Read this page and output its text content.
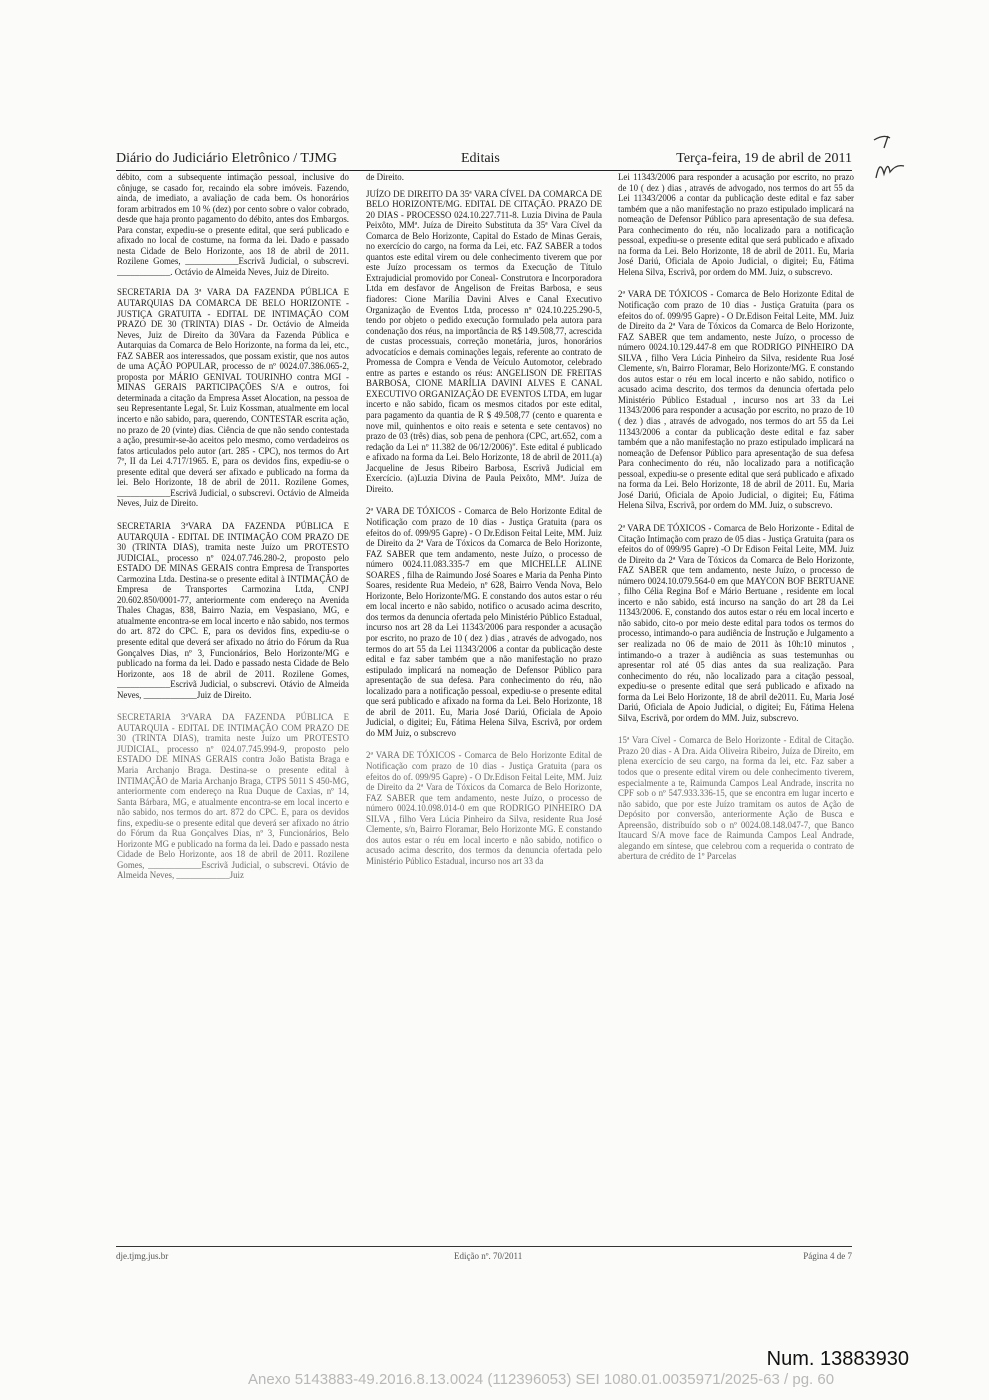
Diário do Judiciário Eletrônico / TJMG	Editais	Terça-feira, 19 de abril de 2011

débito, com a subsequente intimação pessoal, inclusive do cônjuge, se casado for, recaindo ela sobre imóveis. Fazendo, ainda, de imediato, a avaliação de cada bem. Os honorários foram arbitrados em 10 % (dez) por cento sobre o valor cobrado, desde que haja pronto pagamento do débito, antes dos Embargos. Para constar, expediu-se o presente edital, que será publicado e afixado no local de costume, na forma da lei. Dado e passado nesta Cidade de Belo Horizonte, aos 18 de abril de 2011. Rozilene Gomes, ____________Escrivã Judicial, o subscrevi. ____________. Octávio de Almeida Neves, Juiz de Direito.

SECRETARIA DA 3ª VARA DA FAZENDA PÚBLICA E AUTARQUIAS DA COMARCA DE BELO HORIZONTE - JUSTIÇA GRATUITA - EDITAL DE INTIMAÇÃO COM PRAZO DE 30 (TRINTA) DIAS - Dr. Octávio de Almeida Neves, Juiz de Direito da 30Vara da Fazenda Pública e Autarquias da Comarca de Belo Horizonte, na forma da lei, etc., FAZ SABER aos interessados, que possam existir, que nos autos de uma AÇÃO POPULAR, processo de nº 0024.07.386.065-2, proposta por MÁRIO GENIVAL TOURINHO contra MGI - MINAS GERAIS PARTICIPAÇÕES S/A e outros, foi determinada a citação da Empresa Asset Alocation, na pessoa de seu Representante Legal, Sr. Luiz Kossman, atualmente em local incerto e não sabido, para, querendo, CONTESTAR escrita ação, no prazo de 20 (vinte) dias. Ciência de que não sendo contestada a ação, presumir-se-ão aceitos pelo mesmo, como verdadeiros os fatos articulados pelo autor (art. 285 - CPC), nos termos do Art 7º, II da Lei 4.717/1965. E, para os devidos fins, expediu-se o presente edital que deverá ser afixado e publicado na forma da lei. Belo Horizonte, 18 de abril de 2011. Rozilene Gomes, ____________Escrivã Judicial, o subscrevi. Octávio de Almeida Neves, Juiz de Direito.

SECRETARIA 3ªVARA DA FAZENDA PÚBLICA E AUTARQUIA - EDITAL DE INTIMAÇÃO COM PRAZO DE 30 (TRINTA DIAS), tramita neste Juízo um PROTESTO JUDICIAL, processo nº 024.07.746.280-2, proposto pelo ESTADO DE MINAS GERAIS contra Empresa de Transportes Carmozina Ltda. Destina-se o presente edital à INTIMAÇÃO de Empresa de Transportes Carmozina Ltda, CNPJ 20.602.850/0001-77, anteriormente com endereço na Avenida Thales Chagas, 838, Bairro Nazia, em Vespasiano, MG, e atualmente encontra-se em local incerto e não sabido, nos termos do art. 872 do CPC. E, para os devidos fins, expediu-se o presente edital que deverá ser afixado no átrio do Fórum da Rua Gonçalves Dias, nº 3, Funcionários, Belo Horizonte/MG e publicado na forma da lei. Dado e passado nesta Cidade de Belo Horizonte, aos 18 de abril de 2011. Rozilene Gomes, ____________Escrivã Judicial, o subscrevi. Otávio de Almeida Neves, ____________Juiz de Direito.

SECRETARIA 3ªVARA DA FAZENDA PÚBLICA E AUTARQUIA - EDITAL DE INTIMAÇÃO COM PRAZO DE 30 (TRINTA DIAS), tramita neste Juízo um PROTESTO JUDICIAL, processo nº 024.07.745.994-9, proposto pelo ESTADO DE MINAS GERAIS contra João Batista Braga e Maria Archanjo Braga. Destina-se o presente edital à INTIMAÇÃO de Maria Archanjo Braga, CTPS 5011 S 450-MG, anteriormente com endereço na Rua Duque de Caxias, nº 14, Santa Bárbara, MG, e atualmente encontra-se em local incerto e não sabido, nos termos do art. 872 do CPC. E, para os devidos fins, expediu-se o presente edital que deverá ser afixado no átrio do Fórum da Rua Gonçalves Dias, nº 3, Funcionários, Belo Horizonte MG e publicado na forma da lei. Dado e passado nesta Cidade de Belo Horizonte, aos 18 de abril de 2011. Rozilene Gomes, ____________Escrivã Judicial, o subscrevi. Otávio de Almeida Neves, ____________Juiz

de Direito.

JUÍZO DE DIREITO DA 35ª VARA CÍVEL DA COMARCA DE BELO HORIZONTE/MG. EDITAL DE CITAÇÃO. PRAZO DE 20 DIAS - PROCESSO 024.10.227.711-8. Luzia Divina de Paula Peixôto, MMª. Juíza de Direito Substituta da 35ª Vara Cível da Comarca de Belo Horizonte, Capital do Estado de Minas Gerais, no exercício do cargo, na forma da Lei, etc. FAZ SABER a todos quantos este edital virem ou dele conhecimento tiverem que por este Juízo processam os termos da Execução de Título Extrajudicial promovido por Coneal- Construtora e Incorporadora Ltda em desfavor de Angelison de Freitas Barbosa, e seus fiadores: Cione Marília Davini Alves e Canal Executivo Organização de Eventos Ltda, processo nº 024.10.225.290-5, tendo por objeto o pedido execução formulado pela autora para condenação dos réus, na importância de R$ 149.508,77, acrescida de custas processuais, correção monetária, juros, honorários advocatícios e demais cominações legais, referente ao contrato de Promessa de Compra e Venda de Veículo Automotor, celebrado entre as partes e estando os réus: ANGELISON DE FREITAS BARBOSA, CIONE MARÍLIA DAVINI ALVES E CANAL EXECUTIVO ORGANIZAÇÃO DE EVENTOS LTDA, em lugar incerto e não sabido, ficam os mesmos citados por este edital, para pagamento da quantia de R $ 49.508,77 (cento e quarenta e nove mil, quinhentos e oito reais e setenta e sete centavos) no prazo de 03 (três) dias, sob pena de penhora (CPC, art.652, com a redação da Lei nº 11.382 de 06/12/2006)". Este edital é publicado e afixado na forma da Lei. Belo Horizonte, 18 de abril de 2011.(a) Jacqueline de Jesus Ribeiro Barbosa, Escrivã Judicial em Exercício. (a)Luzia Divina de Paula Peixôto, MMª. Juíza de Direito.

2ª VARA DE TÓXICOS - Comarca de Belo Horizonte Edital de Notificação com prazo de 10 dias - Justiça Gratuita (para os efeitos do of. 099/95 Gapre) - O Dr.Edison Feital Leite, MM. Juiz de Direito da 2ª Vara de Tóxicos da Comarca de Belo Horizonte, FAZ SABER que tem andamento, neste Juízo, o processo de número 0024.11.083.335-7 em que MICHELLE ALINE SOARES , filha de Raimundo José Soares e Maria da Penha Pinto Soares, residente Rua Medeio, nº 628, Bairro Venda Nova, Belo Horizonte, Belo Horizonte/MG. E constando dos autos estar o réu em local incerto e não sabido, notifico o acusado acima descrito, dos termos da denuncia ofertada pelo Ministério Público Estadual, incurso nos art 28 da Lei 11343/2006 para responder a acusação por escrito, no prazo de 10 ( dez ) dias , através de advogado, nos termos do art 55 da Lei 11343/2006 a contar da publicação deste edital e faz saber também que a não manifestação no prazo estipulado implicará na nomeação de Defensor Público para apresentação de sua defesa. Para conhecimento do réu, não localizado para a notificação pessoal, expediu-se o presente edital que será publicado e afixado na forma da Lei. Belo Horizonte, 18 de abril de 2011. Eu, Maria José Dariú, Oficiala de Apoio Judicial, o digitei; Eu, Fátima Helena Silva, Escrivã, por ordem do MM Juiz, o subscrevo

2ª VARA DE TÓXICOS - Comarca de Belo Horizonte Edital de Notificação com prazo de 10 dias - Justiça Gratuita (para os efeitos do of. 099/95 Gapre) - O Dr.Edison Feital Leite, MM. Juiz de Direito da 2ª Vara de Tóxicos da Comarca de Belo Horizonte, FAZ SABER que tem andamento, neste Juízo, o processo de número 0024.10.098.014-0 em que RODRIGO PINHEIRO DA SILVA , filho Vera Lúcia Pinheiro da Silva, residente Rua José Clemente, s/n, Bairro Floramar, Belo Horizonte MG. E constando dos autos estar o réu em local incerto e não sabido, notifico o acusado acima descrito, dos termos da denuncia ofertada pelo Ministério Público Estadual, incurso nos art 33 da

Lei 11343/2006 para responder a acusação por escrito, no prazo de 10 ( dez ) dias , através de advogado, nos termos do art 55 da Lei 11343/2006 a contar da publicação deste edital e faz saber também que a não manifestação no prazo estipulado implicará na nomeação de Defensor Público para apresentação de sua defesa. Para conhecimento do réu, não localizado para a notificação pessoal, expediu-se o presente edital que será publicado e afixado na forma da Lei. Belo Horizonte, 18 de abril de 2011. Eu, Maria José Dariú, Oficiala de Apoio Judicial, o digitei; Eu, Fátima Helena Silva, Escrivã, por ordem do MM. Juiz, o subscrevo.

2ª VARA DE TÓXICOS - Comarca de Belo Horizonte Edital de Notificação com prazo de 10 dias - Justiça Gratuita (para os efeitos do of. 099/95 Gapre) - O Dr.Edison Feital Leite, MM. Juiz de Direito da 2ª Vara de Tóxicos da Comarca de Belo Horizonte, FAZ SABER que tem andamento, neste Juízo, o processo de número 0024.10.129.447-8 em que RODRIGO PINHEIRO DA SILVA , filho Vera Lúcia Pinheiro da Silva, residente Rua José Clemente, s/n, Bairro Floramar, Belo Horizonte/MG. E constando dos autos estar o réu em local incerto e não sabido, notifico o acusado acima descrito, dos termos da denuncia ofertada pelo Ministério Público Estadual , incurso nos art 33 da Lei 11343/2006 para responder a acusação por escrito, no prazo de 10 ( dez ) dias , através de advogado, nos termos do art 55 da Lei 11343/2006 a contar da publicação deste edital e faz saber também que a não manifestação no prazo estipulado implicará na nomeação de Defensor Público para apresentação de sua defesa Para conhecimento do réu, não localizado para a notificação pessoal, expediu-se o presente edital que será publicado e afixado na forma da Lei. Belo Horizonte, 18 de abril de 2011. Eu, Maria José Dariú, Oficiala de Apoio Judicial, o digitei; Eu, Fátima Helena Silva, Escrivã, por ordem do MM. Juiz, o subscrevo.

2ª VARA DE TÓXICOS - Comarca de Belo Horizonte - Edital de Citação Intimação com prazo de 05 dias - Justiça Gratuita (para os efeitos do of 099/95 Gapre) -O Dr Edison Feital Leite, MM. Juiz de Direito da 2ª Vara de Tóxicos da Comarca de Belo Horizonte, FAZ SABER que tem andamento, neste Juízo, o processo de número 0024.10.079.564-0 em que MAYCON BOF BERTUANE , filho Célia Regina Bof e Mário Bertuane , residente em local incerto e não sabido, está incurso na sanção do art 28 da Lei 11343/2006. E, constando dos autos estar o réu em local incerto e não sabido, cito-o por meio deste edital para todos os termos do processo, intimando-o para audiência de Instrução e Julgamento a ser realizada no 06 de maio de 2011 às 10h:10 minutos , intimando-o a trazer à audiência as suas testemunhas ou apresentar rol até 05 dias antes da sua realização. Para conhecimento do réu, não localizado para a citação pessoal, expediu-se o presente edital que será publicado e afixado na forma da Lei Belo Horizonte, 18 de abril de2011. Eu, Maria José Dariú, Oficiala de Apoio Judicial, o digitei; Eu, Fátima Helena Silva, Escrivã, por ordem do MM. Juiz, subscrevo.

15ª Vara Cível - Comarca de Belo Horizonte - Edital de Citação. Prazo 20 dias - A Dra. Aida Oliveira Ribeiro, Juíza de Direito, em plena exercício de seu cargo, na forma da lei, etc. Faz saber a todos que o presente edital virem ou dele conhecimento tiverem, especialmente a te, Raimunda Campos Leal Andrade, inscrita no CPF sob o nº 547.933.336-15, que se encontra em lugar incerto e não sabido, que por este Juízo tramitam os autos de Ação de Depósito por conversão, anteriormente Ação de Busca e Apreensão, distribuído sob o nº 0024.08.148.047-7, que Banco Itaucard S/A move face de Raimunda Campos Leal Andrade, alegando em síntese, que celebrou com a requerida o contrato de abertura de crédito de 1º Parcelas

dje.tjmg.jus.br	Edição nº. 70/2011	Página 4 de 7
Num. 13883930
Anexo 5143883-49.2016.8.13.0024 (112396053) SEI 1080.01.0035971/2025-63 / pg. 60
